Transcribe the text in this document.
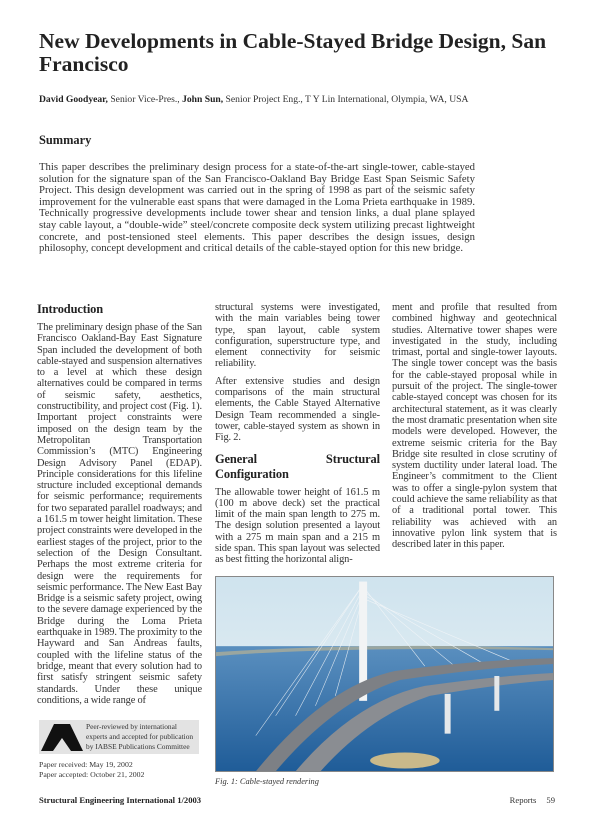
New Developments in Cable-Stayed Bridge Design, San Francisco
David Goodyear, Senior Vice-Pres., John Sun, Senior Project Eng., T Y Lin International, Olympia, WA, USA
Summary
This paper describes the preliminary design process for a state-of-the-art single-tower, cable-stayed solution for the signature span of the San Francisco-Oakland Bay Bridge East Span Seismic Safety Project. This design development was carried out in the spring of 1998 as part of the seismic safety improvement for the vulnerable east spans that were damaged in the Loma Prieta earthquake in 1989. Technically progressive developments include tower shear and tension links, a dual plane splayed stay cable layout, a “double-wide” steel/concrete composite deck system utilizing precast lightweight concrete, and post-tensioned steel elements. This paper describes the design issues, design philosophy, concept development and critical details of the cable-stayed option for this new bridge.
Introduction

The preliminary design phase of the San Francisco Oakland-Bay East Signature Span included the development of both cable-stayed and suspension alternatives to a level at which these design alternatives could be compared in terms of seismic safety, aesthetics, constructibility, and project cost (Fig. 1). Important project constraints were imposed on the design team by the Metropolitan Transportation Commission’s (MTC) Engineering Design Advisory Panel (EDAP). Principle considerations for this lifeline structure included exceptional demands for seismic performance; requirements for two separated parallel roadways; and a 161.5 m tower height limitation. These project constraints were developed in the earliest stages of the project, prior to the selection of the Design Consultant. Perhaps the most extreme criteria for design were the requirements for seismic performance. The New East Bay Bridge is a seismic safety project, owing to the severe damage experienced by the Bridge during the Loma Prieta earthquake in 1989. The proximity to the Hayward and San Andreas faults, coupled with the lifeline status of the bridge, meant that every solution had to first satisfy stringent seismic safety standards. Under these unique conditions, a wide range of

structural systems were investigated, with the main variables being tower type, span layout, cable system configuration, superstructure type, and element connectivity for seismic reliability.

After extensive studies and design comparisons of the main structural elements, the Cable Stayed Alternative Design Team recommended a single-tower, cable-stayed system as shown in Fig. 2.

General Structural Configuration

The allowable tower height of 161.5 m (100 m above deck) set the practical limit of the main span length to 275 m. The design solution presented a layout with a 275 m main span and a 215 m side span. This span layout was selected as best fitting the horizontal align-

ment and profile that resulted from combined highway and geotechnical studies. Alternative tower shapes were investigated in the study, including trimast, portal and single-tower layouts. The single tower concept was the basis for the cable-stayed proposal while in pursuit of the project. The single-tower cable-stayed concept was chosen for its architectural statement, as it was clearly the most dramatic presentation when site models were developed. However, the extreme seismic criteria for the Bay Bridge site resulted in close scrutiny of system ductility under lateral load. The Engineer’s commitment to the Client was to offer a single-pylon system that could achieve the same reliability as that of a traditional portal tower. This reliability was achieved with an innovative pylon link system that is described later in this paper.

Peer-reviewed by international experts and accepted for publication by IABSE Publications Committee
Paper received: May 19, 2002
Paper accepted: October 21, 2002
Fig. 1: Cable-stayed rendering
Structural Engineering International 1/2003	Reports 59
